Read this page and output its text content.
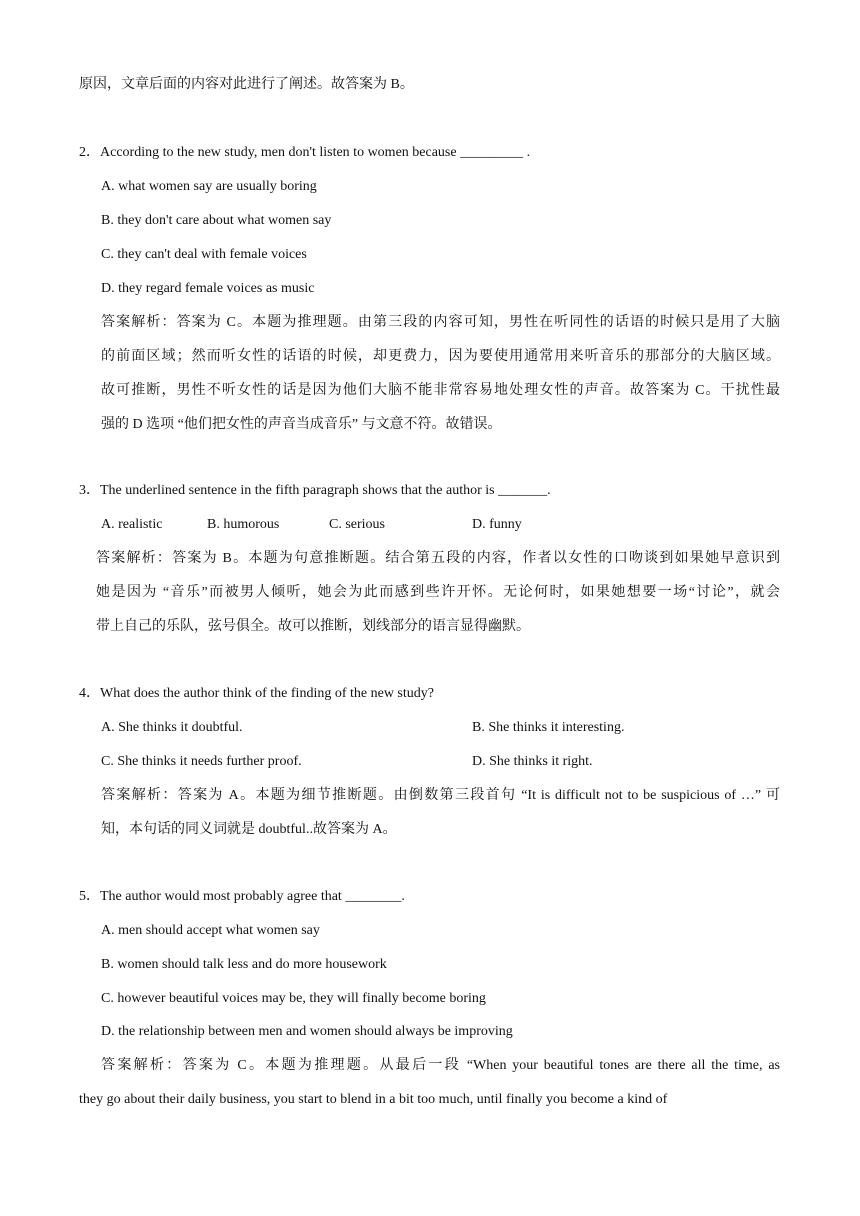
原因，文章后面的内容对此进行了阐述。故答案为 B。
2．According to the new study, men don't listen to women because _________ .
A. what women say are usually boring
B. they don't care about what women say
C. they can't deal with female voices
D. they regard female voices as music
答案解析：答案为 C。本题为推理题。由第三段的内容可知，男性在听同性的话语的时候只是用了大脑
的前面区域；然而听女性的话语的时候，却更费力，因为要使用通常用来听音乐的那部分的大脑区域。
故可推断，男性不听女性的话是因为他们大脑不能非常容易地处理女性的声音。故答案为 C。干扰性最
强的 D 选项 “他们把女性的声音当成音乐” 与文意不符。故错误。
3．The underlined sentence in the fifth paragraph shows that the author is _______.
A. realistic	B. humorous	C. serious	D. funny
答案解析：答案为 B。本题为句意推断题。结合第五段的内容，作者以女性的口吻谈到如果她早意识到
她是因为 “音乐”而被男人倾听，她会为此而感到些许开怀。无论何时，如果她想要一场“讨论”，就会
带上自己的乐队，弦号俱全。故可以推断，划线部分的语言显得幽默。
4．What does the author think of the finding of the new study?
A. She thinks it doubtful.	B. She thinks it interesting.
C. She thinks it needs further proof.	D. She thinks it right.
答案解析：答案为 A。本题为细节推断题。由倒数第三段首句 “It is difficult not to be suspicious of …” 可
知，本句话的同义词就是 doubtful..故答案为 A。
5．The author would most probably agree that ________.
A. men should accept what women say
B. women should talk less and do more housework
C. however beautiful voices may be, they will finally become boring
D. the relationship between men and women should always be improving
答案解析：答案为 C。本题为推理题。从最后一段 “When your beautiful tones are there all the time, as
they go about their daily business, you start to blend in a bit too much, until finally you become a kind of
